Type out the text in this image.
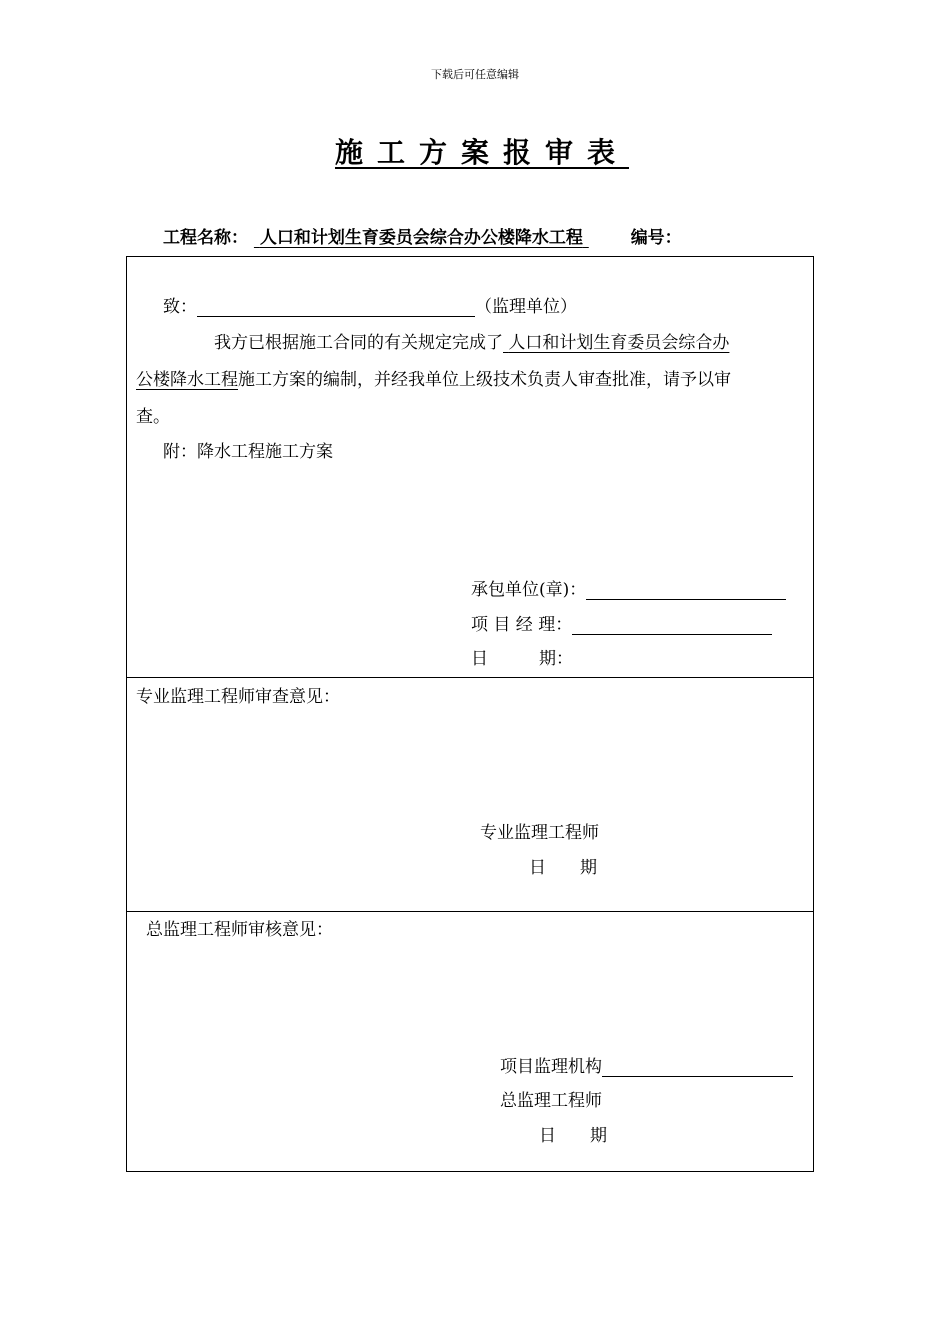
下载后可任意编辑
施工方案报审表
工程名称： 人口和计划生育委员会综合办公楼降水工程	编号：
致：	（监理单位）
我方已根据施工合同的有关规定完成了 人口和计划生育委员会综合办
公楼降水工程施工方案的编制，并经我单位上级技术负责人审查批准，请予以审
查。
附：降水工程施工方案
承包单位(章)：
项 目 经 理：
日　　　期：
专业监理工程师审查意见：
专业监理工程师
日　　期
总监理工程师审核意见：
项目监理机构
总监理工程师
日　　期
